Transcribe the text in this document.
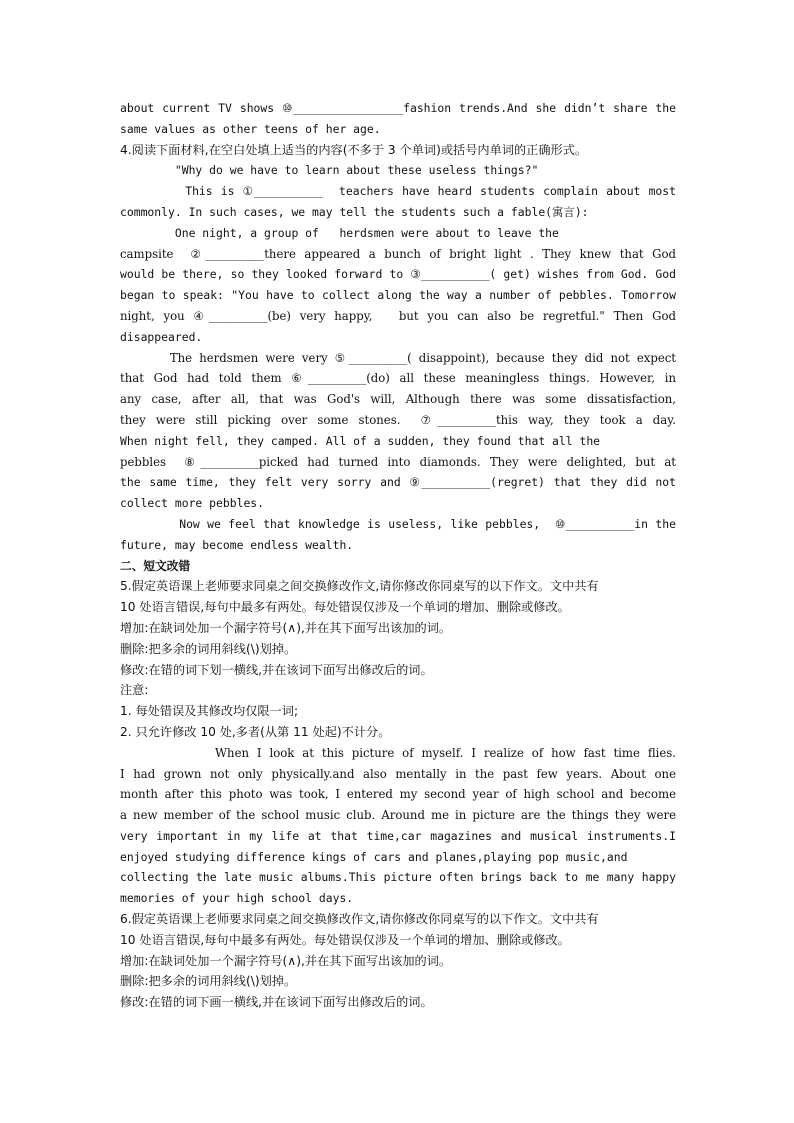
about current TV shows ⑩________________fashion trends.And she didn’t share the
same values as other teens of her age.
4.阅读下面材料,在空白处填上适当的内容(不多于 3 个单词)或括号内单词的正确形式。
"Why do we have to learn about these useless things?"
This is ①__________  teachers have heard students complain about most
commonly. In such cases, we may tell the students such a fable(寓言):
One night, a group of   herdsmen were about to leave the
campsite  ②__________there appeared a bunch of bright light . They knew that God
would be there, so they looked forward to ③__________( get) wishes from God. God
began to speak: "You have to collect along the way a number of pebbles. Tomorrow
night, you ④__________(be) very happy,   but you can also be regretful." Then God
disappeared.
The herdsmen were very ⑤__________( disappoint), because they did not expect
that God had told them ⑥__________(do) all these meaningless things. However, in
any case, after all, that was God's will, Although there was some dissatisfaction,
they were still picking over some stones.  ⑦__________this way, they took a day.
When night fell, they camped. All of a sudden, they found that all the
pebbles  ⑧__________picked had turned into diamonds. They were delighted, but at
the same time, they felt very sorry and ⑨__________(regret) that they did not
collect more pebbles.
Now we feel that knowledge is useless, like pebbles,  ⑩__________in the
future, may become endless wealth.
二、短文改错
5.假定英语课上老师要求同桌之间交换修改作文,请你修改你同桌写的以下作文。文中共有
10 处语言错误,每句中最多有两处。每处错误仅涉及一个单词的增加、删除或修改。
增加:在缺词处加一个漏字符号(∧),并在其下面写出该加的词。
删除:把多余的词用斜线(\)划掉。
修改:在错的词下划一横线,并在该词下面写出修改后的词。
注意:
1. 每处错误及其修改均仅限一词;
2. 只允许修改 10 处,多者(从第 11 处起)不计分。
When I look at this picture of myself. I realize of how fast time flies.
I had grown not only physically.and also mentally in the past few years. About one
month after this photo was took, I entered my second year of high school and become
a new member of the school music club. Around me in picture are the things they were
very important in my life at that time,car magazines and musical instruments.I
enjoyed studying difference kings of cars and planes,playing pop music,and
collecting the late music albums.This picture often brings back to me many happy
memories of your high school days.
6.假定英语课上老师要求同桌之间交换修改作文,请你修改你同桌写的以下作文。文中共有
10 处语言错误,每句中最多有两处。每处错误仅涉及一个单词的增加、删除或修改。
增加:在缺词处加一个漏字符号(∧),并在其下面写出该加的词。
删除:把多余的词用斜线(\)划掉。
修改:在错的词下画一横线,并在该词下面写出修改后的词。
